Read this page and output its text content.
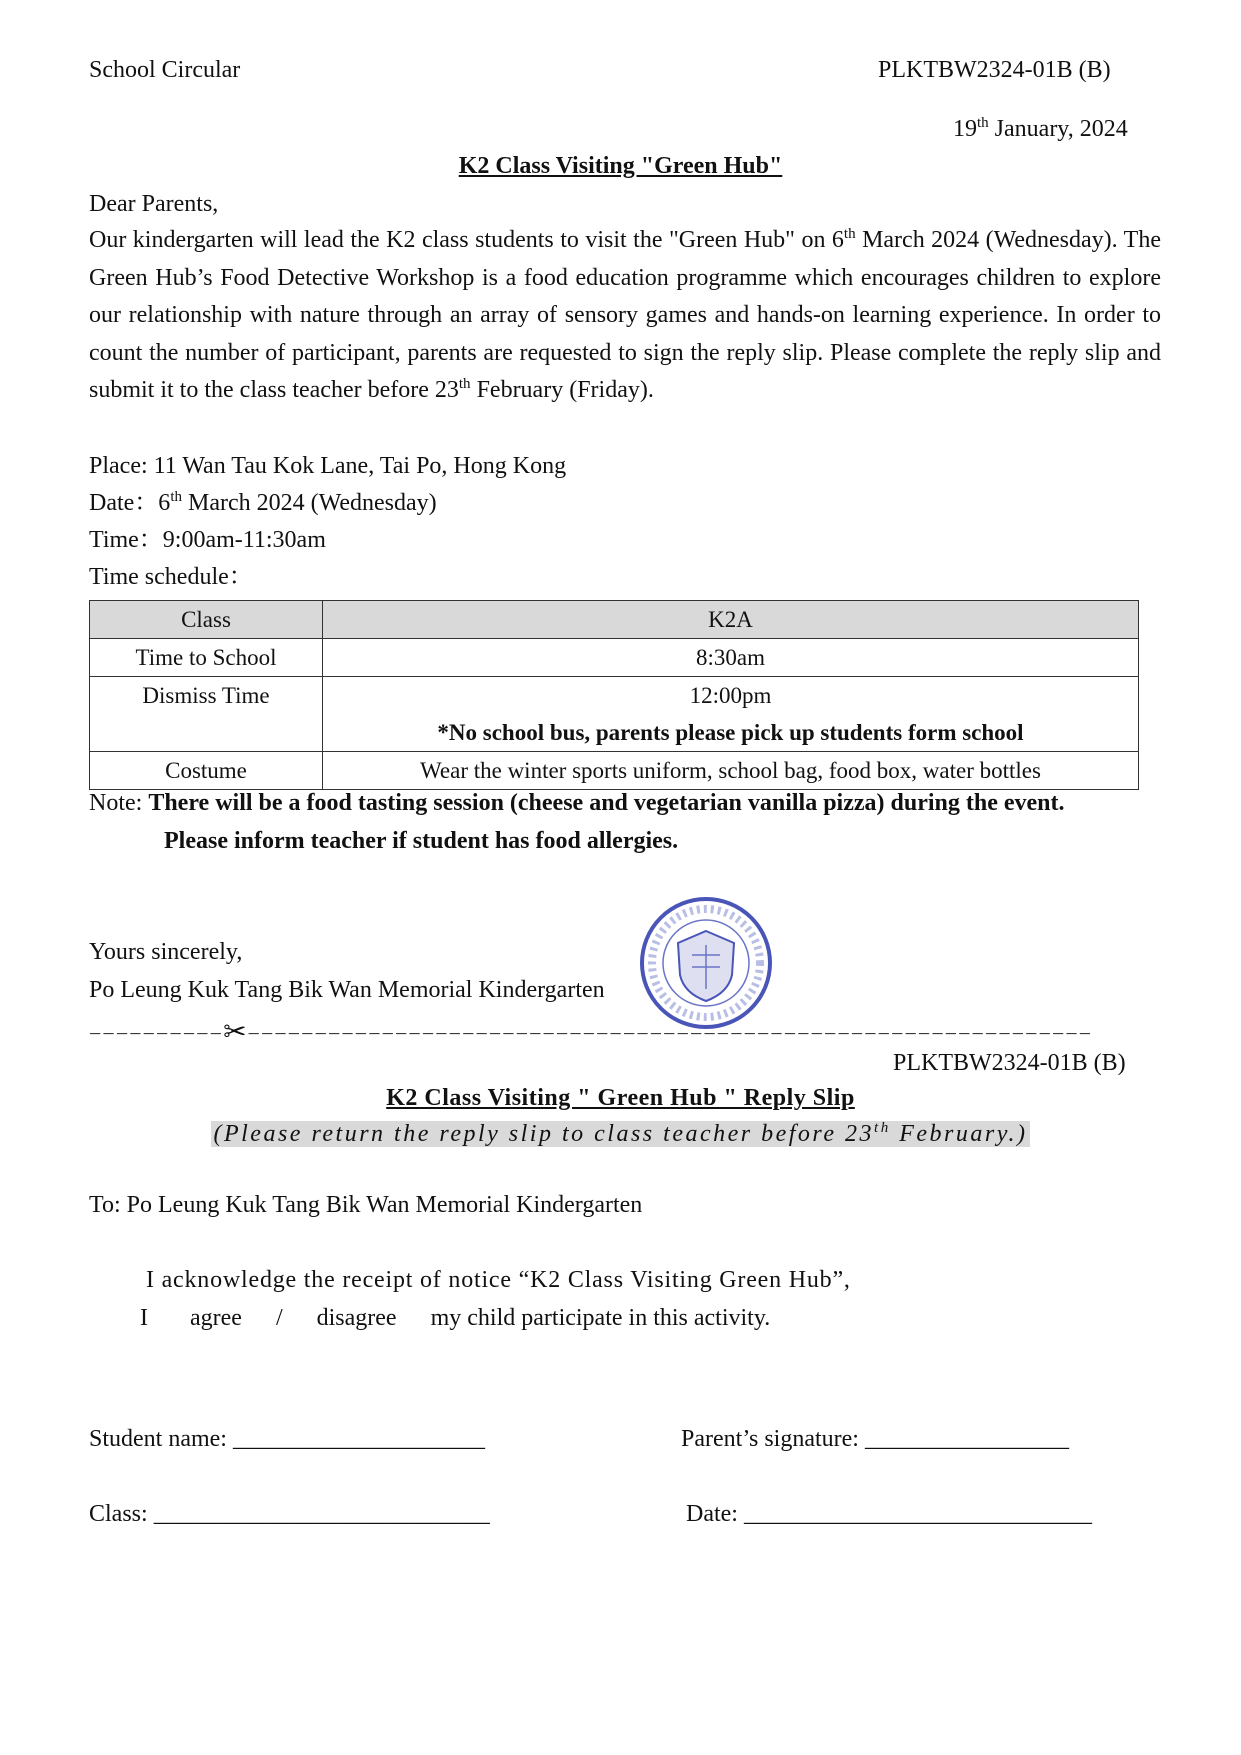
School Circular	PLKTBW2324-01B (B)
19th January, 2024
K2 Class Visiting "Green Hub"
Dear Parents,
Our kindergarten will lead the K2 class students to visit the "Green Hub" on 6th March 2024 (Wednesday). The Green Hub’s Food Detective Workshop is a food education programme which encourages children to explore our relationship with nature through an array of sensory games and hands-on learning experience. In order to count the number of participant, parents are requested to sign the reply slip. Please complete the reply slip and submit it to the class teacher before 23th February (Friday).
Place: 11 Wan Tau Kok Lane, Tai Po, Hong Kong
Date：6th March 2024 (Wednesday)
Time：9:00am-11:30am
Time schedule：
Class	K2A
Time to School	8:30am

Dismiss Time	12:00pm
*No school bus, parents please pick up students form school

Costume	Wear the winter sports uniform, school bag, food box, water bottles
Note: There will be a food tasting session (cheese and vegetarian vanilla pizza) during the event.
Please inform teacher if student has food allergies.
Yours sincerely,
Po Leung Kuk Tang Bik Wan Memorial Kindergarten
−−−−−−−−−−✂−−−−−−−−−−−−−−−−−−−−−−−−−−−−−−−−−−−−−−−−−−−−−−−−−−−−−−−−−−−−−−−
PLKTBW2324-01B (B)
K2 Class Visiting " Green Hub " Reply Slip
(Please return the reply slip to class teacher before 23th February.)
To: Po Leung Kuk Tang Bik Wan Memorial Kindergarten
I acknowledge the receipt of notice “K2 Class Visiting Green Hub”,
I agree / disagree my child participate in this activity.
Student name: _____________________	Parent’s signature: _________________
Class: ____________________________	Date: _____________________________
